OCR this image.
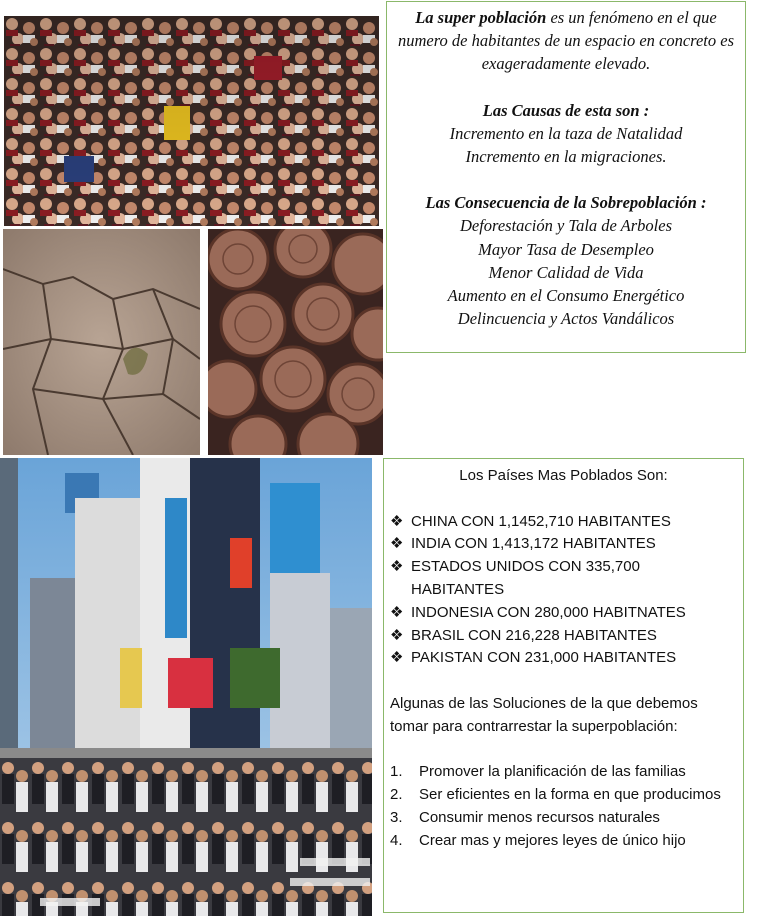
La super población es un fenómeno en el que numero de habitantes de un espacio en concreto es exageradamente elevado.

Las Causas de esta son :

Incremento en la taza de Natalidad

Incremento en la migraciones.

Las Consecuencia de la Sobrepoblación :

Deforestación y Tala de Arboles

Mayor Tasa de Desempleo

Menor Calidad de Vida

Aumento en el Consumo Energético

Delincuencia y Actos Vandálicos

Los Países Mas Poblados Son:

❖ CHINA CON 1,1452,710 HABITANTES
❖ INDIA CON 1,413,172 HABITANTES
❖ ESTADOS UNIDOS CON 335,700 HABITANTES
❖ INDONESIA CON 280,000 HABITNATES
❖ BRASIL CON 216,228 HABITANTES
❖ PAKISTAN CON 231,000 HABITANTES

Algunas de las Soluciones de la que debemos tomar para contrarrestar la superpoblación:

1. Promover la planificación de las familias
2. Ser eficientes en la forma en que producimos
3. Consumir menos recursos naturales
4. Crear mas y mejores leyes de único hijo
